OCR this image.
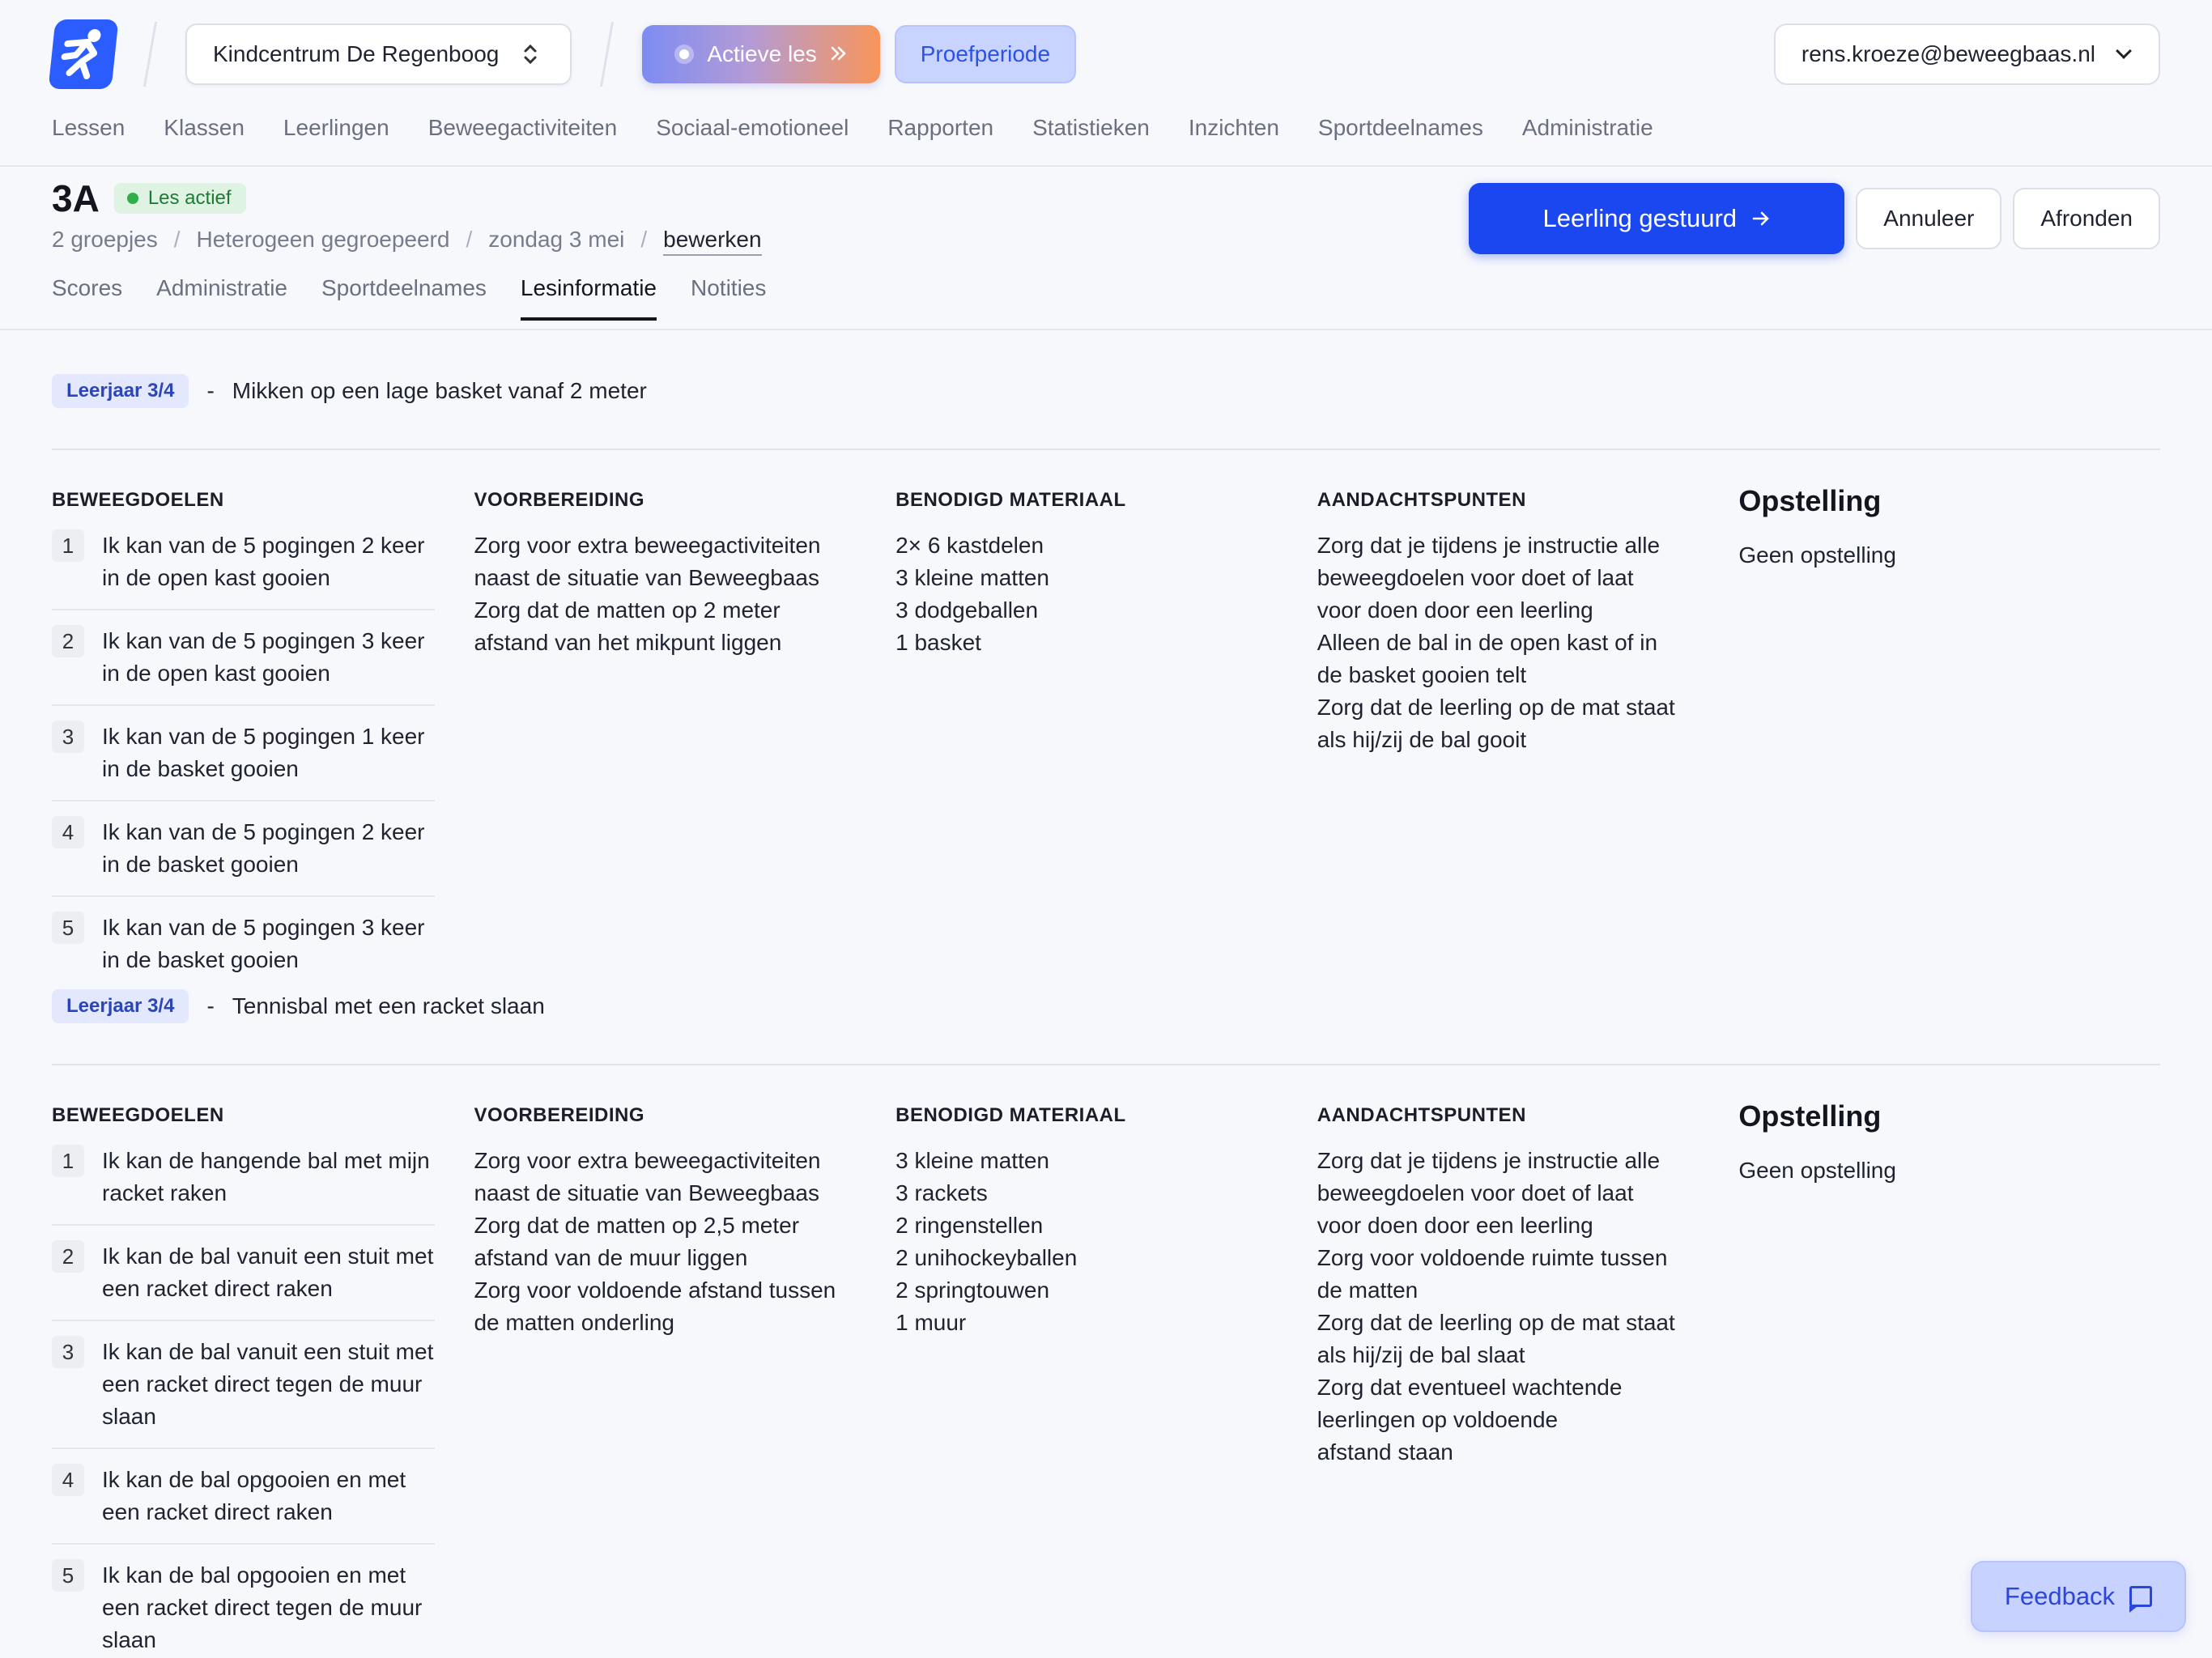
Kindcentrum De Regenboog	Actieve les	Proefperiode	rens.kroeze@beweegbaas.nl
Lessen Klassen Leerlingen Beweegactiviteiten Sociaal-emotioneel Rapporten Statistieken Inzichten Sportdeelnames Administratie
3A	Les actief
2 groepjes / Heterogeen gegroepeerd / zondag 3 mei / bewerken
Scores Administratie Sportdeelnames Lesinformatie Notities
Leerling gestuurd	Annuleer	Afronden
Leerjaar 3/4	- Mikken op een lage basket vanaf 2 meter
BEWEEGDOELEN
1	Ik kan van de 5 pogingen 2 keer in de open kast gooien
2	Ik kan van de 5 pogingen 3 keer in de open kast gooien
3	Ik kan van de 5 pogingen 1 keer in de basket gooien
4	Ik kan van de 5 pogingen 2 keer in de basket gooien
5	Ik kan van de 5 pogingen 3 keer in de basket gooien
VOORBEREIDING
Zorg voor extra beweegactiviteiten
naast de situatie van Beweegbaas
Zorg dat de matten op 2 meter
afstand van het mikpunt liggen
BENODIGD MATERIAAL
2× 6 kastdelen
3 kleine matten
3 dodgeballen
1 basket
AANDACHTSPUNTEN
Zorg dat je tijdens je instructie alle
beweegdoelen voor doet of laat
voor doen door een leerling
Alleen de bal in de open kast of in
de basket gooien telt
Zorg dat de leerling op de mat staat
als hij/zij de bal gooit
Opstelling
Geen opstelling
Leerjaar 3/4	- Tennisbal met een racket slaan
BEWEEGDOELEN
1	Ik kan de hangende bal met mijn racket raken
2	Ik kan de bal vanuit een stuit met een racket direct raken
3	Ik kan de bal vanuit een stuit met een racket direct tegen de muur slaan
4	Ik kan de bal opgooien en met een racket direct raken
5	Ik kan de bal opgooien en met een racket direct tegen de muur slaan
VOORBEREIDING
Zorg voor extra beweegactiviteiten
naast de situatie van Beweegbaas
Zorg dat de matten op 2,5 meter
afstand van de muur liggen
Zorg voor voldoende afstand tussen
de matten onderling
BENODIGD MATERIAAL
3 kleine matten
3 rackets
2 ringenstellen
2 unihockeyballen
2 springtouwen
1 muur
AANDACHTSPUNTEN
Zorg dat je tijdens je instructie alle
beweegdoelen voor doet of laat
voor doen door een leerling
Zorg voor voldoende ruimte tussen
de matten
Zorg dat de leerling op de mat staat
als hij/zij de bal slaat
Zorg dat eventueel wachtende
leerlingen op voldoende
afstand staan
Opstelling
Geen opstelling
Feedback
